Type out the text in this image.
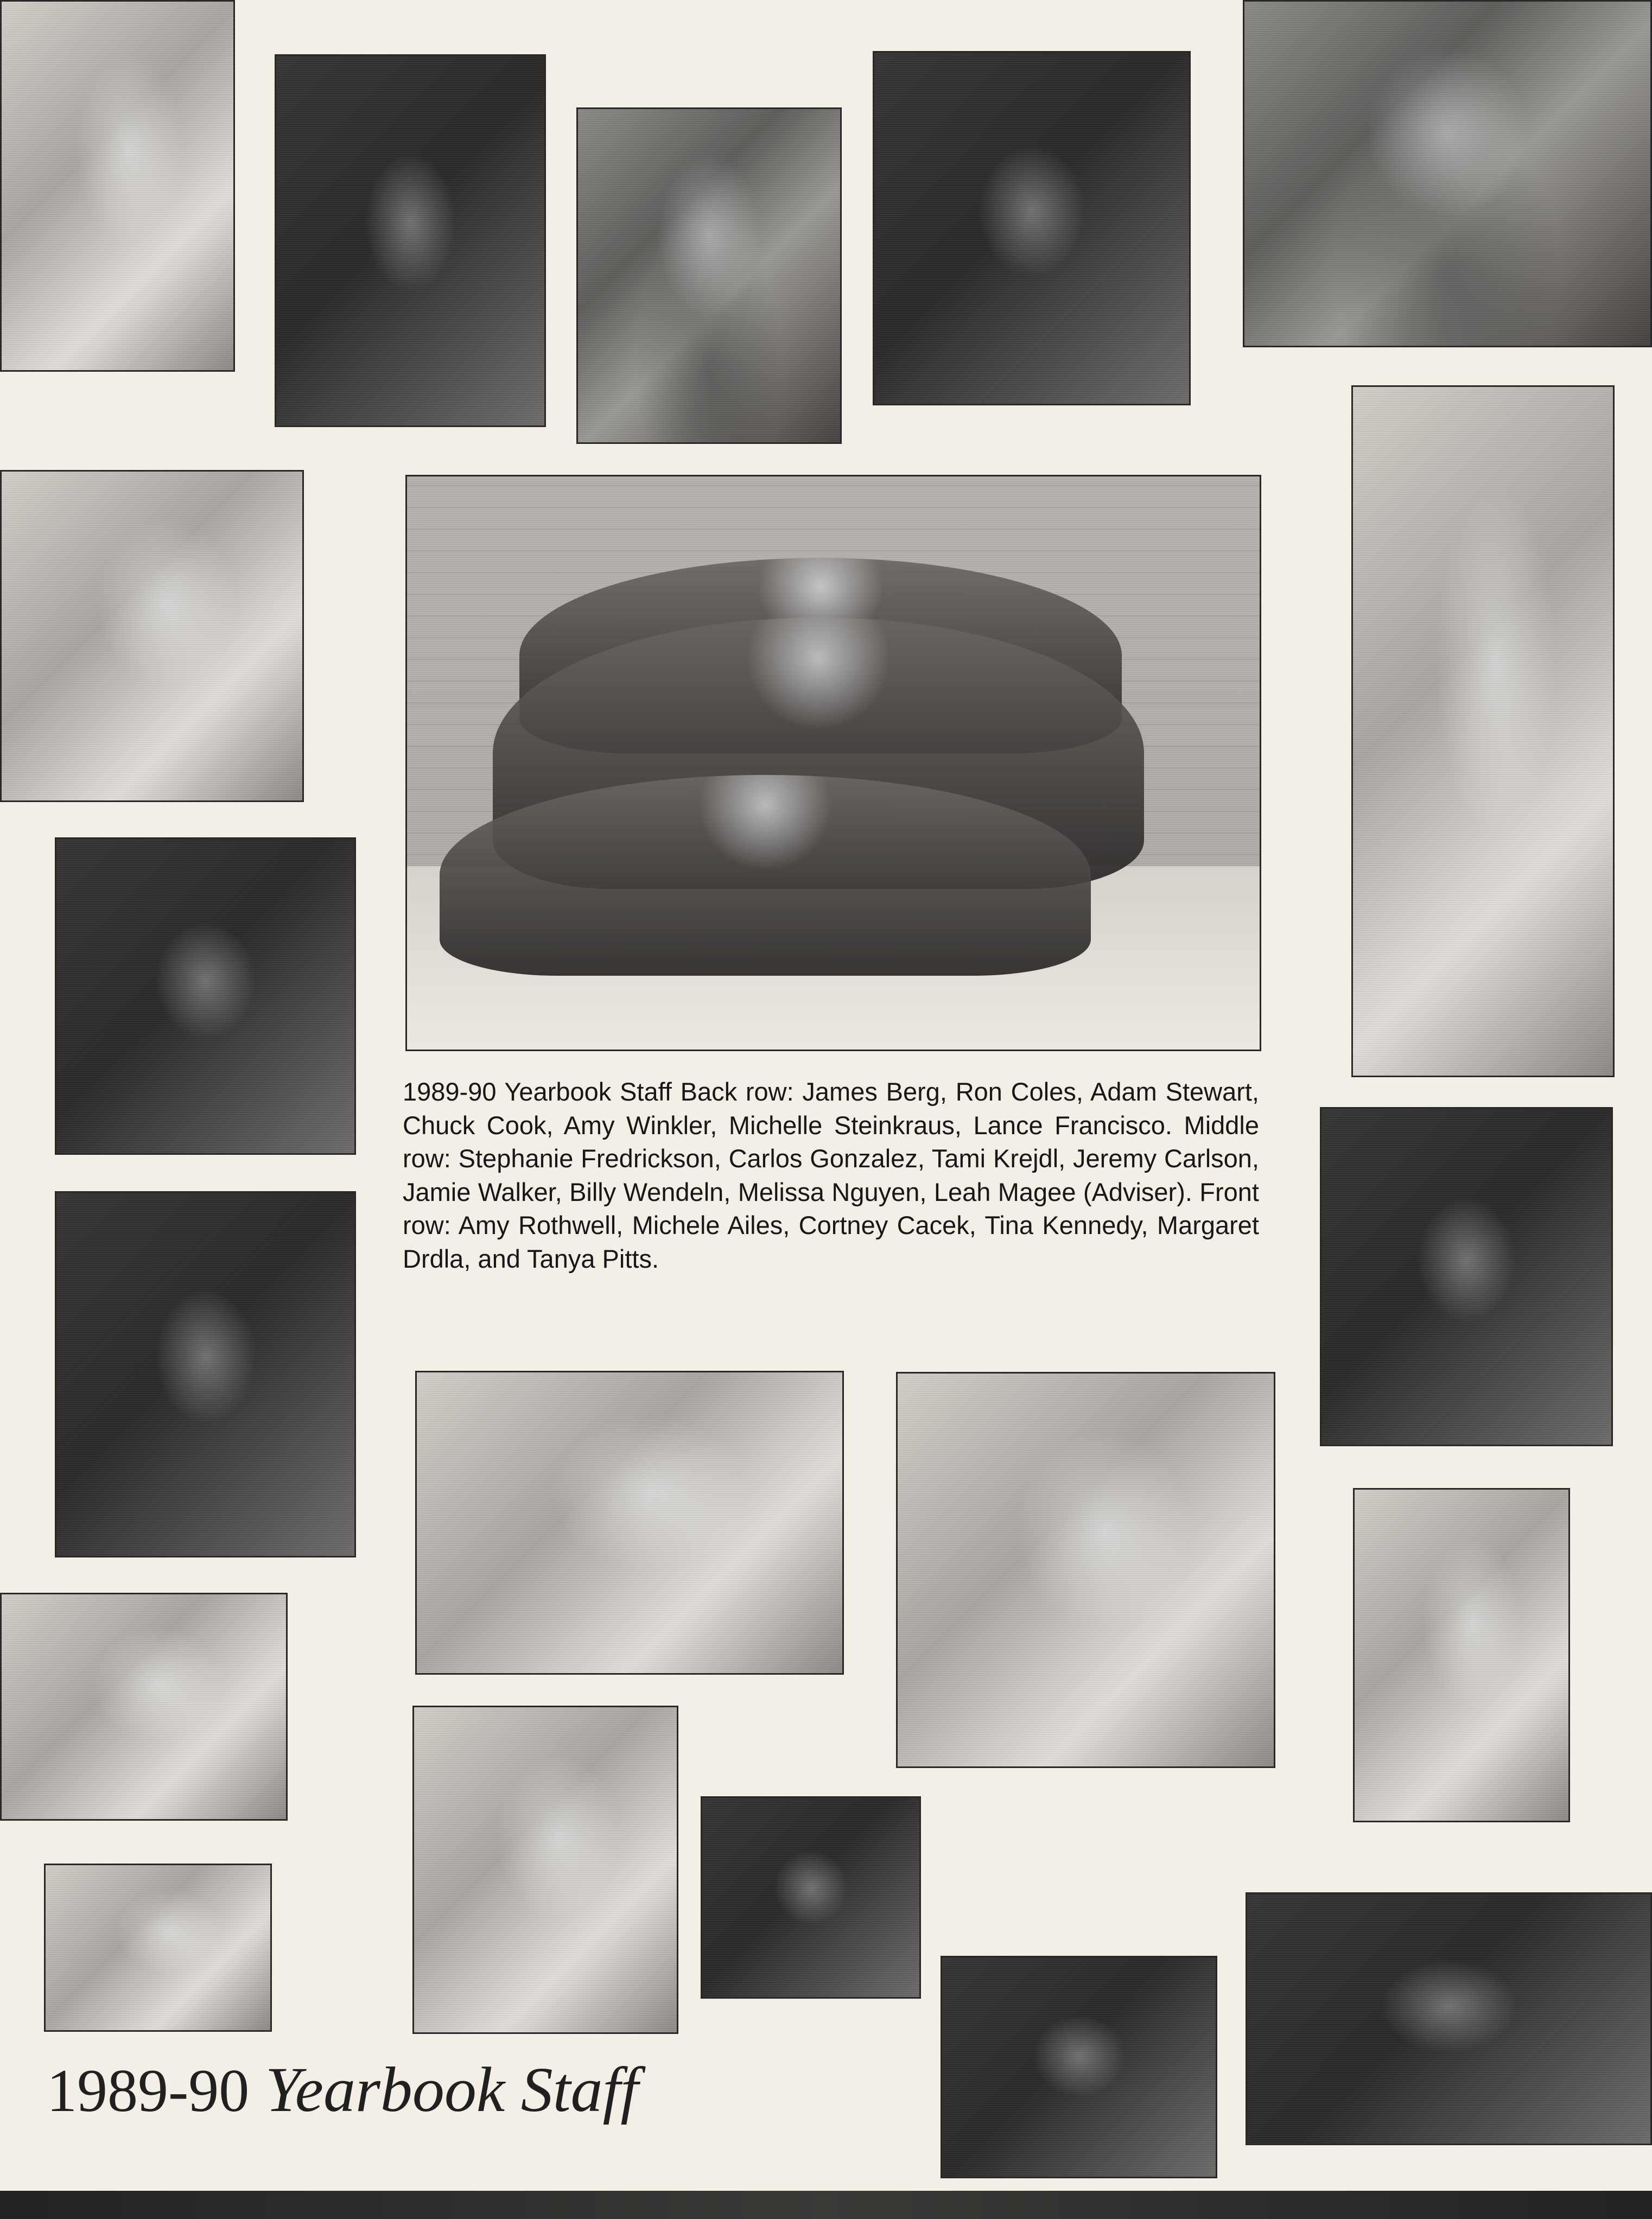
1989-90 Yearbook Staff Back row: James Berg, Ron Coles, Adam Stewart, Chuck Cook, Amy Winkler, Michelle Steinkraus, Lance Francisco. Middle row: Stephanie Fredrickson, Carlos Gonzalez, Tami Krejdl, Jeremy Carlson, Jamie Walker, Billy Wendeln, Melissa Nguyen, Leah Magee (Adviser). Front row: Amy Rothwell, Michele Ailes, Cortney Cacek, Tina Kennedy, Margaret Drdla, and Tanya Pitts.
1989-90 Yearbook Staff
